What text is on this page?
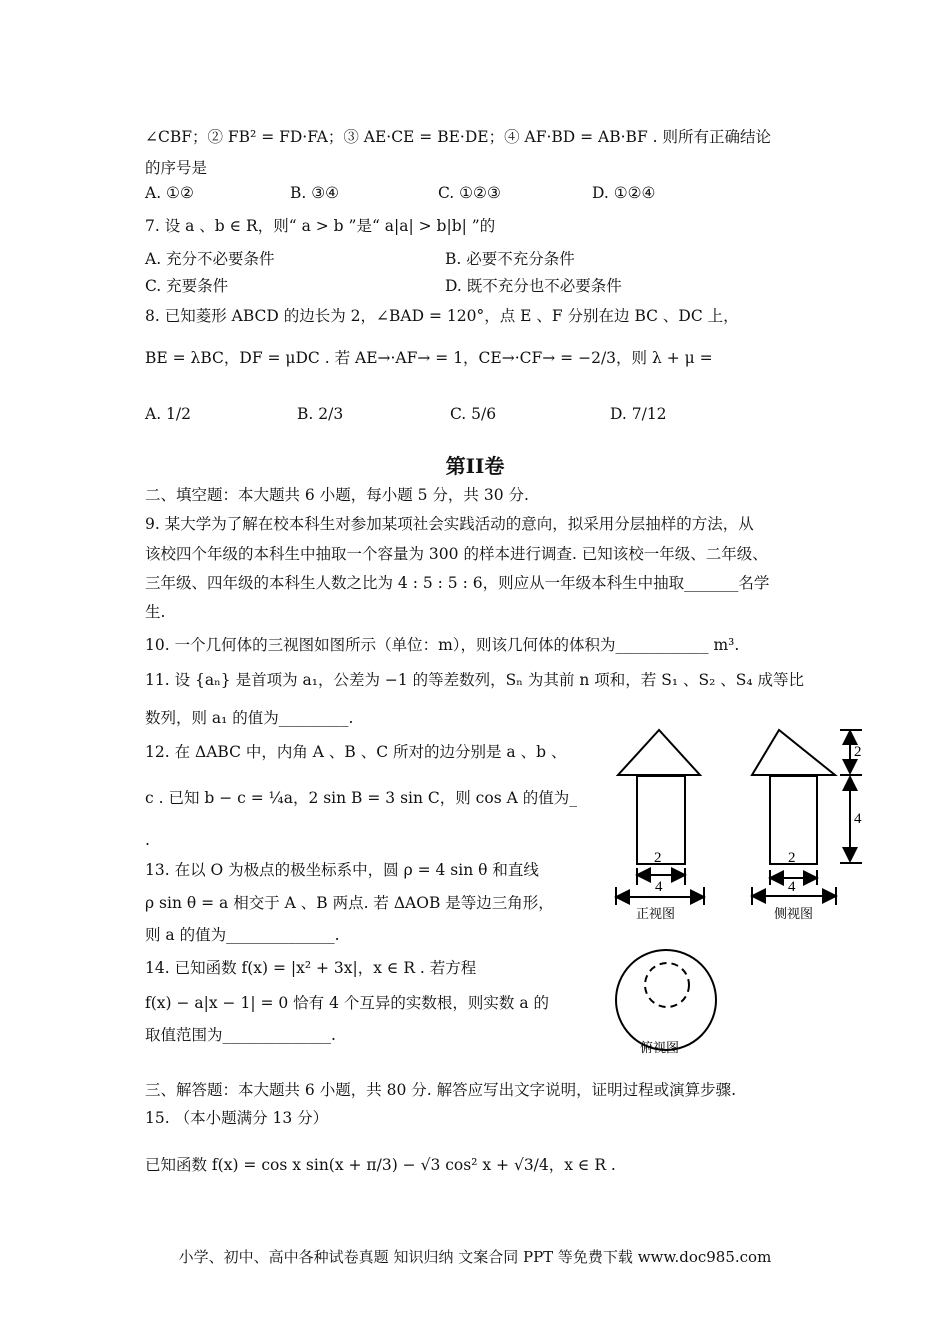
∠CBF；② FB² = FD·FA；③ AE·CE = BE·DE；④ AF·BD = AB·BF . 则所有正确结论
的序号是
A. ①②	B. ③④	C. ①②③	D. ①②④
7. 设 a 、b ∈ R，则“ a > b ”是“ a|a| > b|b| ”的
A. 充分不必要条件	B. 必要不充分条件
C. 充要条件	D. 既不充分也不必要条件
8. 已知菱形 ABCD 的边长为 2，∠BAD = 120°，点 E 、F 分别在边 BC 、DC 上，
BE = λBC，DF = μDC . 若 AE→·AF→ = 1，CE→·CF→ = −2/3，则 λ + μ =
A. 1/2	B. 2/3	C. 5/6	D. 7/12
第II卷
二、填空题：本大题共 6 小题，每小题 5 分，共 30 分.
9. 某大学为了解在校本科生对参加某项社会实践活动的意向，拟采用分层抽样的方法，从
该校四个年级的本科生中抽取一个容量为 300 的样本进行调查. 已知该校一年级、二年级、
三年级、四年级的本科生人数之比为 4 : 5 : 5 : 6，则应从一年级本科生中抽取_______名学
生.
10. 一个几何体的三视图如图所示（单位：m），则该几何体的体积为____________ m³.
11. 设 {aₙ} 是首项为 a₁，公差为 −1 的等差数列，Sₙ 为其前 n 项和，若 S₁ 、S₂ 、S₄ 成等比
数列，则 a₁ 的值为_________.
12. 在 ΔABC 中，内角 A 、B 、C 所对的边分别是 a 、b 、
c . 已知 b − c = ¼a，2 sin B = 3 sin C，则 cos A 的值为_
.
13. 在以 O 为极点的极坐标系中，圆 ρ = 4 sin θ 和直线
ρ sin θ = a 相交于 A 、B 两点. 若 ΔAOB 是等边三角形，
则 a 的值为______________.
14. 已知函数 f(x) = |x² + 3x|，x ∈ R . 若方程
f(x) − a|x − 1| = 0 恰有 4 个互异的实数根，则实数 a 的
取值范围为______________.
三、解答题：本大题共 6 小题，共 80 分. 解答应写出文字说明，证明过程或演算步骤.
15. （本小题满分 13 分）
已知函数 f(x) = cos x sin(x + π/3) − √3 cos² x + √3/4，x ∈ R .
2
4
2
4
2
4
正视图	侧视图
俯视图
小学、初中、高中各种试卷真题 知识归纳 文案合同 PPT 等免费下载 www.doc985.com
